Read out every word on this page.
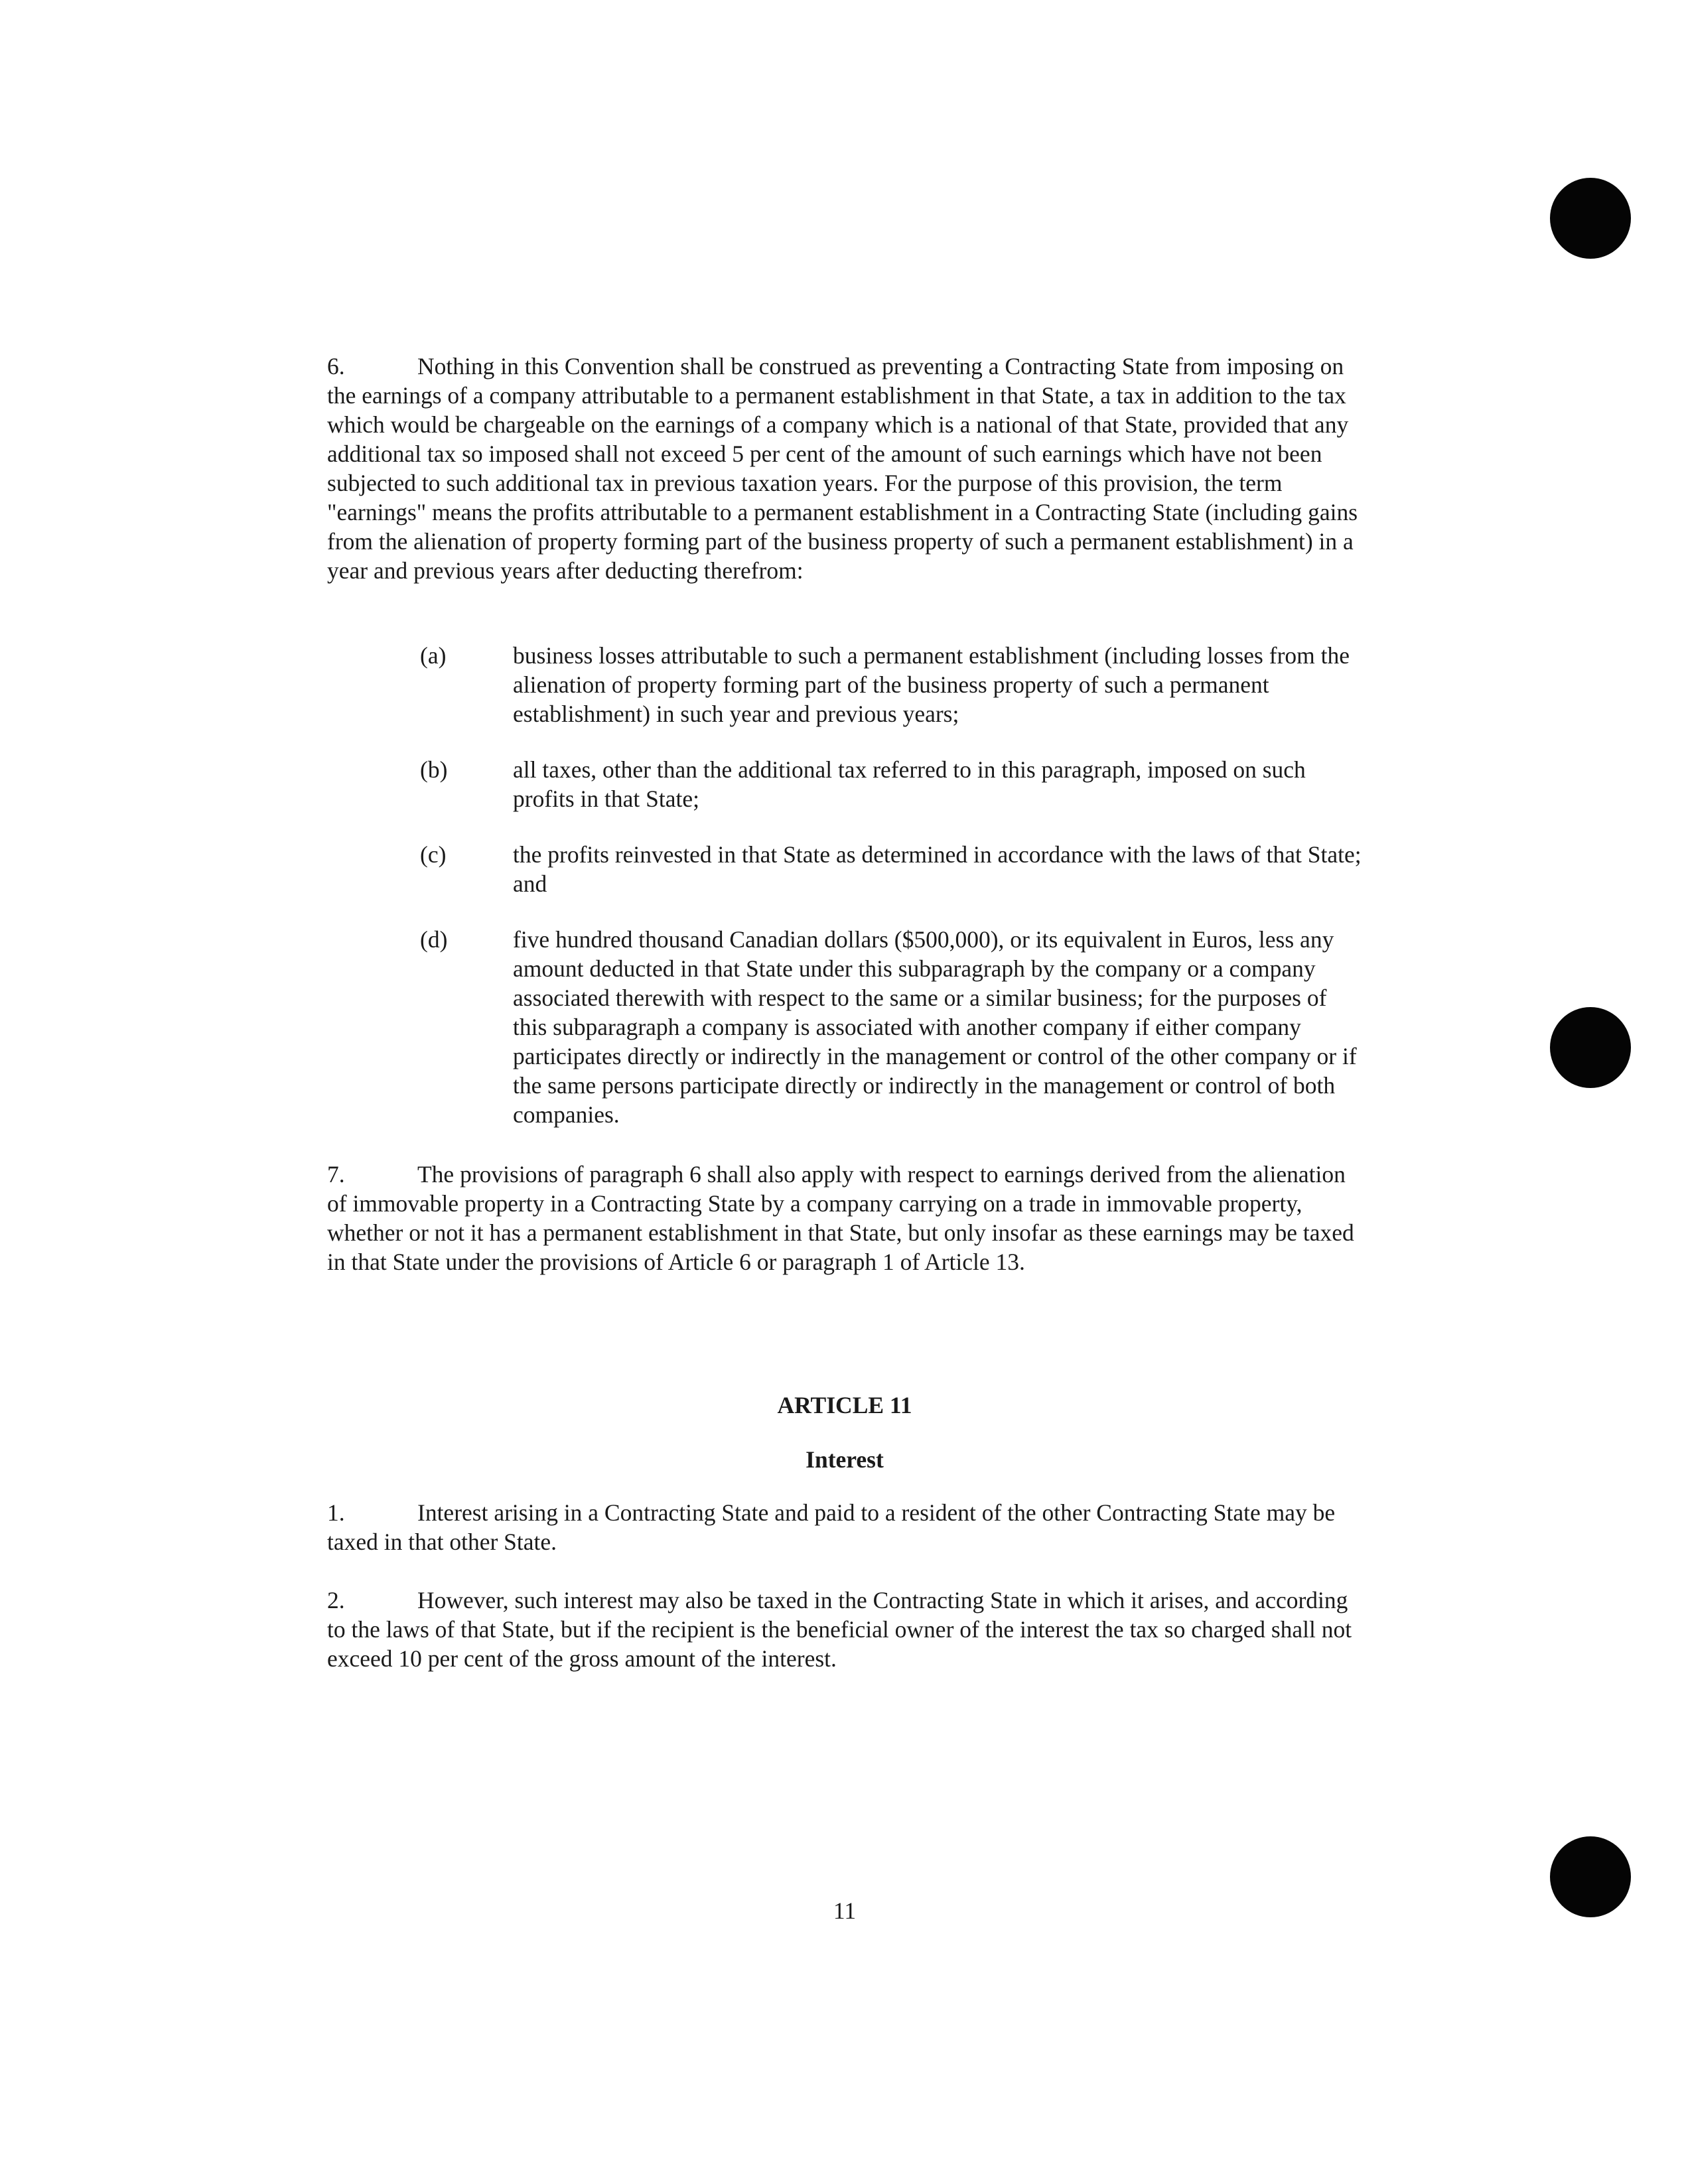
6.	Nothing in this Convention shall be construed as preventing a Contracting State from imposing on the earnings of a company attributable to a permanent establishment in that State, a tax in addition to the tax which would be chargeable on the earnings of a company which is a national of that State, provided that any additional tax so imposed shall not exceed 5 per cent of the amount of such earnings which have not been subjected to such additional tax in previous taxation years. For the purpose of this provision, the term "earnings" means the profits attributable to a permanent establishment in a Contracting State (including gains from the alienation of property forming part of the business property of such a permanent establishment) in a year and previous years after deducting therefrom:
(a)	business losses attributable to such a permanent establishment (including losses from the alienation of property forming part of the business property of such a permanent establishment) in such year and previous years;
(b)	all taxes, other than the additional tax referred to in this paragraph, imposed on such profits in that State;
(c)	the profits reinvested in that State as determined in accordance with the laws of that State; and
(d)	five hundred thousand Canadian dollars ($500,000), or its equivalent in Euros, less any amount deducted in that State under this subparagraph by the company or a company associated therewith with respect to the same or a similar business; for the purposes of this subparagraph a company is associated with another company if either company participates directly or indirectly in the management or control of the other company or if the same persons participate directly or indirectly in the management or control of both companies.
7.	The provisions of paragraph 6 shall also apply with respect to earnings derived from the alienation of immovable property in a Contracting State by a company carrying on a trade in immovable property, whether or not it has a permanent establishment in that State, but only insofar as these earnings may be taxed in that State under the provisions of Article 6 or paragraph 1 of Article 13.
ARTICLE 11
Interest
1.	Interest arising in a Contracting State and paid to a resident of the other Contracting State may be taxed in that other State.
2.	However, such interest may also be taxed in the Contracting State in which it arises, and according to the laws of that State, but if the recipient is the beneficial owner of the interest the tax so charged shall not exceed 10 per cent of the gross amount of the interest.
11
